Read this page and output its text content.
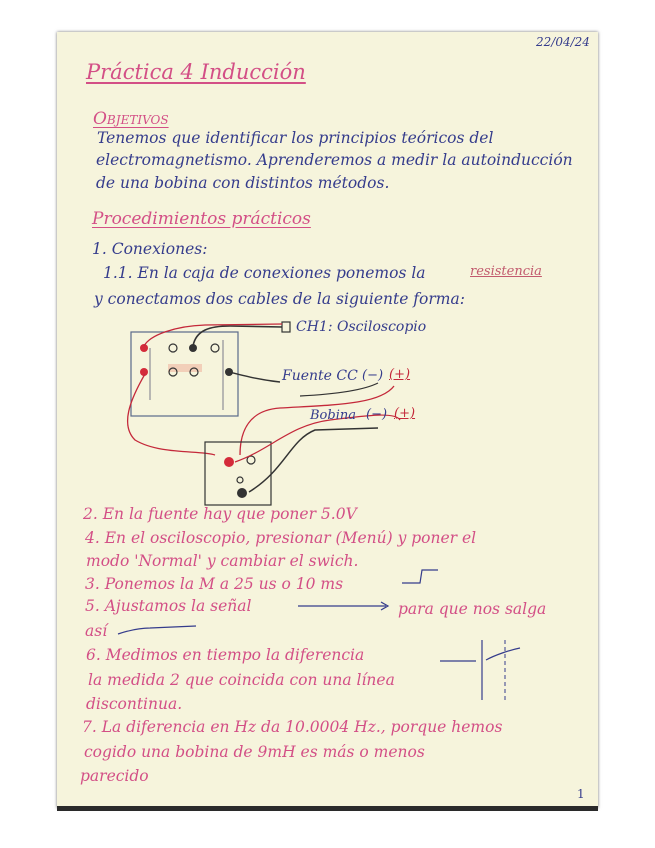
22/04/24
1
Práctica 4 Inducción
Objetivos
Tenemos que identificar los principios teóricos del
electromagnetismo. Aprenderemos a medir la autoinducción
de una bobina con distintos métodos.
Procedimientos prácticos
1. Conexiones:
1.1. En la caja de conexiones ponemos la	resistencia
y conectamos dos cables de la siguiente forma:
CH1: Osciloscopio
Fuente CC (−) (+)
Bobina (−) (+)
2. En la fuente hay que poner 5.0V
4. En el osciloscopio, presionar (Menú) y poner el
modo 'Normal' y cambiar el swich.
3. Ponemos la M a 25 us o 10 ms
5. Ajustamos la señal	para que nos salga
así
6. Medimos en tiempo la diferencia
la medida 2 que coincida con una línea
discontinua.
7. La diferencia en Hz da 10.0004 Hz., porque hemos
cogido una bobina de 9mH es más o menos
parecido
